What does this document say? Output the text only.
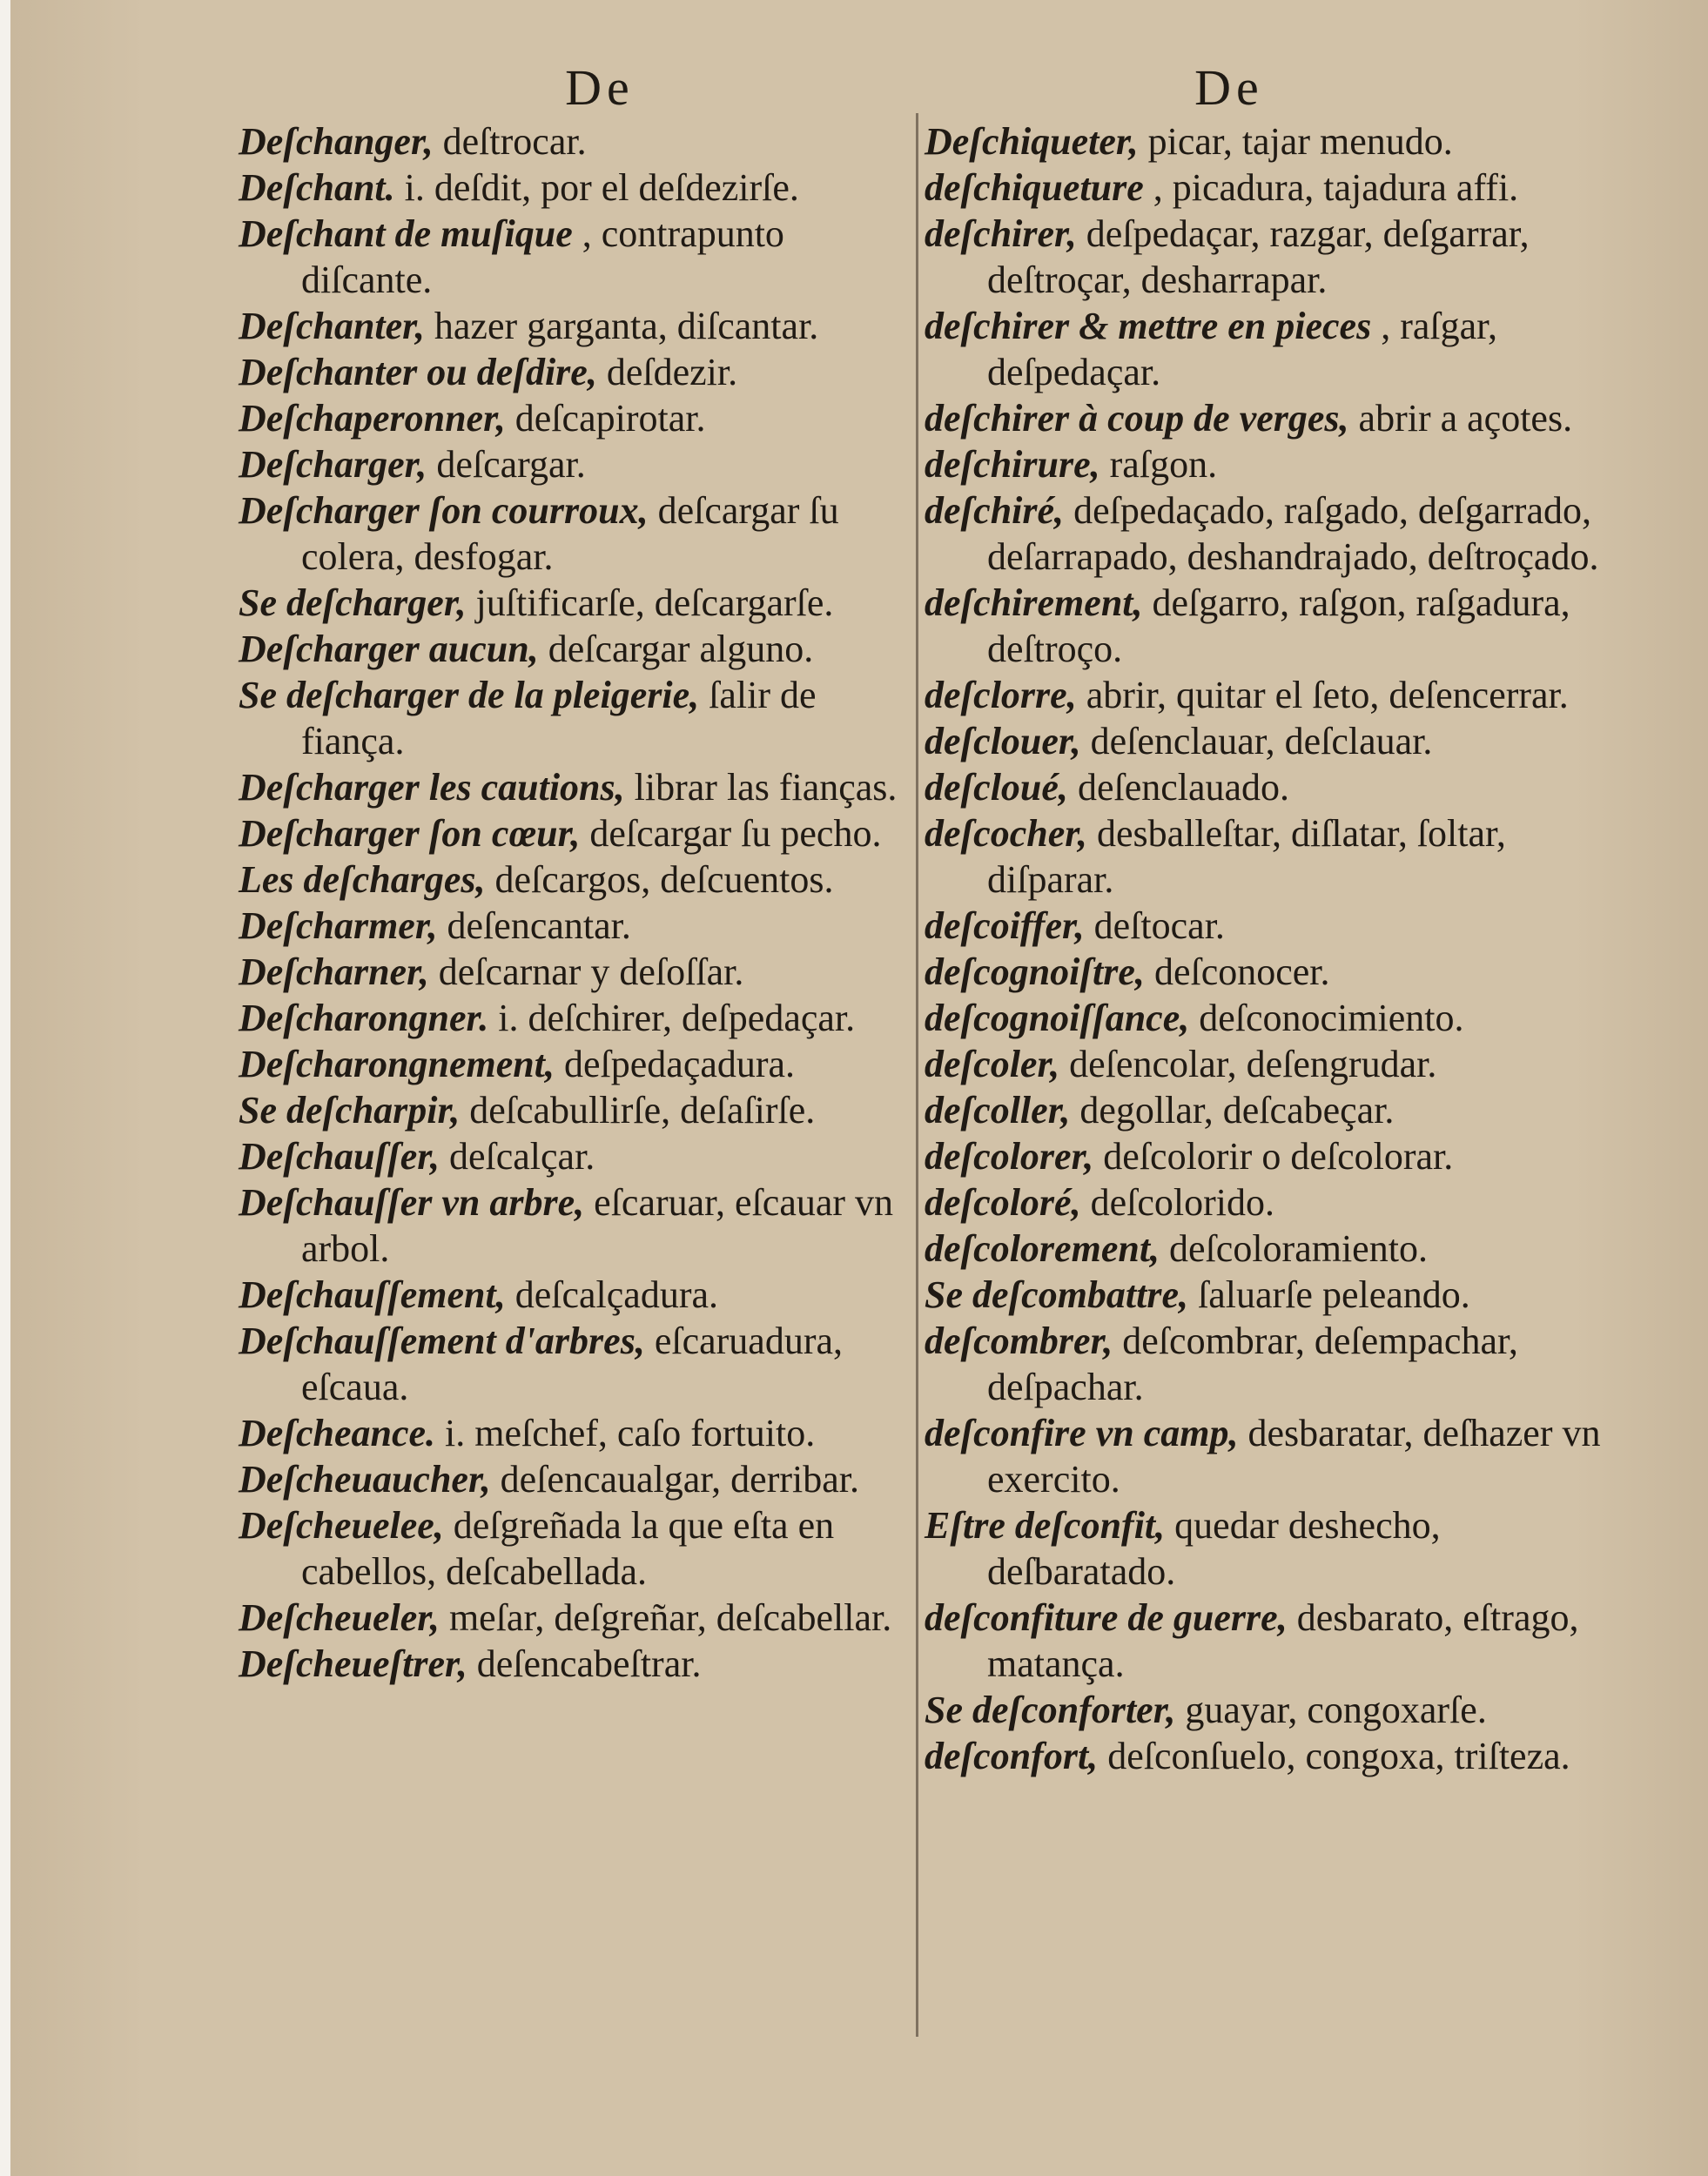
De

Deſchanger, deſtrocar.

Deſchant. i. deſdit, por el deſdezirſe.

Deſchant de muſique , contrapunto diſcante.

Deſchanter, hazer garganta, diſcantar.

Deſchanter ou deſdire, deſdezir.

Deſchaperonner, deſcapirotar.

Deſcharger, deſcargar.

Deſcharger ſon courroux, deſcargar ſu colera, desfogar.

Se deſcharger, juſtificarſe, deſcargarſe.

Deſcharger aucun, deſcargar alguno.

Se deſcharger de la pleigerie, ſalir de fiança.

Deſcharger les cautions, librar las fianças.

Deſcharger ſon cœur, deſcargar ſu pecho.

Les deſcharges, deſcargos, deſcuentos.

Deſcharmer, deſencantar.

Deſcharner, deſcarnar y deſoſſar.

Deſcharongner. i. deſchirer, deſpedaçar.

Deſcharongnement, deſpedaçadura.

Se deſcharpir, deſcabullirſe, deſaſirſe.

Deſchauſſer, deſcalçar.

Deſchauſſer vn arbre, eſcaruar, eſcauar vn arbol.

Deſchauſſement, deſcalçadura.

Deſchauſſement d'arbres, eſcaruadura, eſcaua.

Deſcheance. i. meſchef, caſo fortuito.

Deſcheuaucher, deſencaualgar, derribar.

Deſcheuelee, deſgreñada la que eſta en cabellos, deſcabellada.

Deſcheueler, meſar, deſgreñar, deſcabellar.

Deſcheueſtrer, deſencabeſtrar.

De

Deſchiqueter, picar, tajar menudo.

deſchiqueture , picadura, tajadura affi.

deſchirer, deſpedaçar, razgar, deſgarrar, deſtroçar, desharrapar.

deſchirer & mettre en pieces , raſgar, deſpedaçar.

deſchirer à coup de verges, abrir a açotes.

deſchirure, raſgon.

deſchiré, deſpedaçado, raſgado, deſgarrado, deſarrapado, deshandrajado, deſtroçado.

deſchirement, deſgarro, raſgon, raſgadura, deſtroço.

deſclorre, abrir, quitar el ſeto, deſencerrar.

deſclouer, deſenclauar, deſclauar.

deſcloué, deſenclauado.

deſcocher, desballeſtar, diſlatar, ſoltar, diſparar.

deſcoiffer, deſtocar.

deſcognoiſtre, deſconocer.

deſcognoiſſance, deſconocimiento.

deſcoler, deſencolar, deſengrudar.

deſcoller, degollar, deſcabeçar.

deſcolorer, deſcolorir o deſcolorar.

deſcoloré, deſcolorido.

deſcolorement, deſcoloramiento.

Se deſcombattre, ſaluarſe peleando.

deſcombrer, deſcombrar, deſempachar, deſpachar.

deſconfire vn camp, desbaratar, deſhazer vn exercito.

Eſtre deſconfit, quedar deshecho, deſbaratado.

deſconfiture de guerre, desbarato, eſtrago, matança.

Se deſconforter, guayar, congoxarſe.

deſconfort, deſconſuelo, congoxa, triſteza.
